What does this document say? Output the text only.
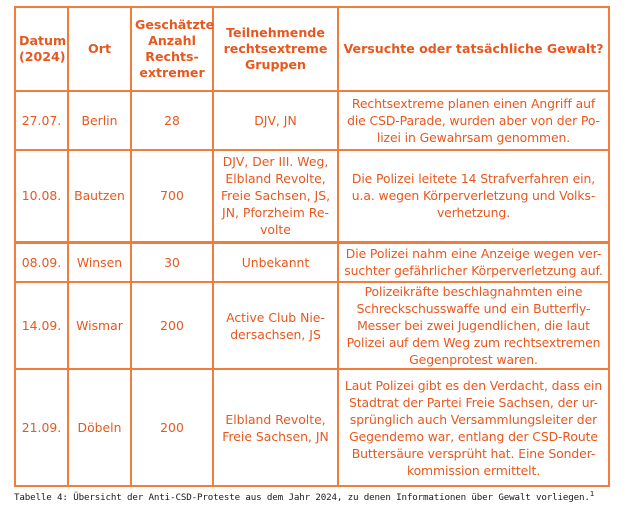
Datum (2024)	Ort	Geschätzte Anzahl Rechts-extremer	Teilnehmende rechtsextreme Gruppen	Versuchte oder tatsächliche Gewalt?
27.07.	Berlin	28	DJV, JN	Rechtsextreme planen einen Angriff auf die CSD-Parade, wurden aber von der Po-lizei in Gewahrsam genommen.
10.08.	Bautzen	700	DJV, Der III. Weg, Elbland Revolte, Freie Sachsen, JS, JN, Pforzheim Re-volte	Die Polizei leitete 14 Strafverfahren ein, u.a. wegen Körperverletzung und Volks-verhetzung.
08.09.	Winsen	30	Unbekannt	Die Polizei nahm eine Anzeige wegen ver-suchter gefährlicher Körperverletzung auf.
14.09.	Wismar	200	Active Club Nie-dersachsen, JS	Polizeikräfte beschlagnahmten eine Schreckschusswaffe und ein Butterfly-Messer bei zwei Jugendlichen, die laut Polizei auf dem Weg zum rechtsextremen Gegenprotest waren.
21.09.	Döbeln	200	Elbland Revolte, Freie Sachsen, JN	Laut Polizei gibt es den Verdacht, dass ein Stadtrat der Partei Freie Sachsen, der ur-sprünglich auch Versammlungsleiter der Gegendemo war, entlang der CSD-Route Buttersäure versprüht hat. Eine Sonder-kommission ermittelt.
Tabelle 4: Übersicht der Anti-CSD-Proteste aus dem Jahr 2024, zu denen Informationen über Gewalt vorliegen.$^1$
